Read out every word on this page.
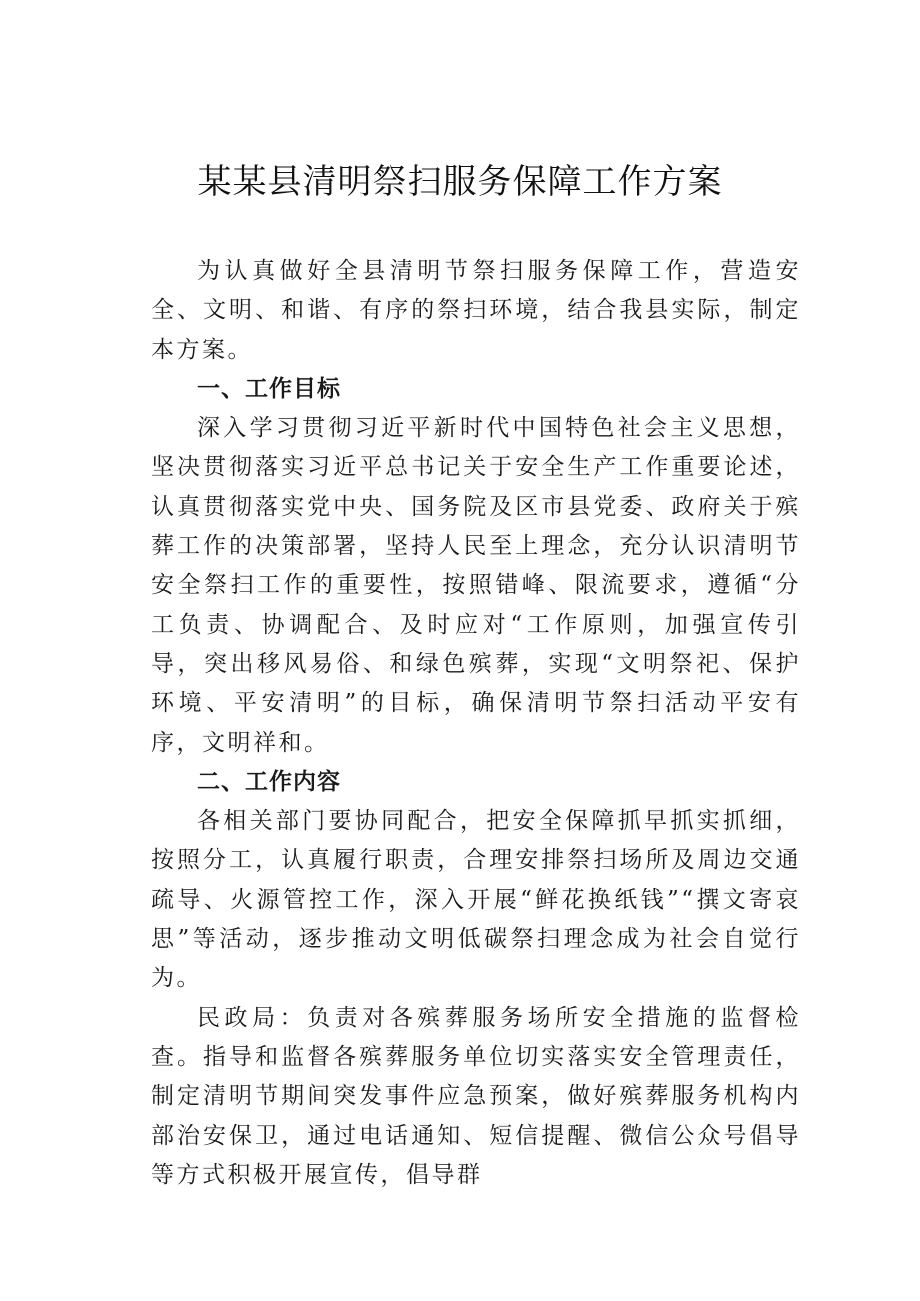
某某县清明祭扫服务保障工作方案

为认真做好全县清明节祭扫服务保障工作，营造安全、文明、和谐、有序的祭扫环境，结合我县实际，制定本方案。

一、工作目标

深入学习贯彻习近平新时代中国特色社会主义思想，坚决贯彻落实习近平总书记关于安全生产工作重要论述，认真贯彻落实党中央、国务院及区市县党委、政府关于殡葬工作的决策部署，坚持人民至上理念，充分认识清明节安全祭扫工作的重要性，按照错峰、限流要求，遵循“分工负责、协调配合、及时应对“工作原则，加强宣传引导，突出移风易俗、和绿色殡葬，实现“文明祭祀、保护环境、平安清明”的目标，确保清明节祭扫活动平安有序，文明祥和。

二、工作内容

各相关部门要协同配合，把安全保障抓早抓实抓细，按照分工，认真履行职责，合理安排祭扫场所及周边交通疏导、火源管控工作，深入开展“鲜花换纸钱”“撰文寄哀思”等活动，逐步推动文明低碳祭扫理念成为社会自觉行为。

民政局：负责对各殡葬服务场所安全措施的监督检查。指导和监督各殡葬服务单位切实落实安全管理责任，制定清明节期间突发事件应急预案，做好殡葬服务机构内部治安保卫，通过电话通知、短信提醒、微信公众号倡导等方式积极开展宣传，倡导群
